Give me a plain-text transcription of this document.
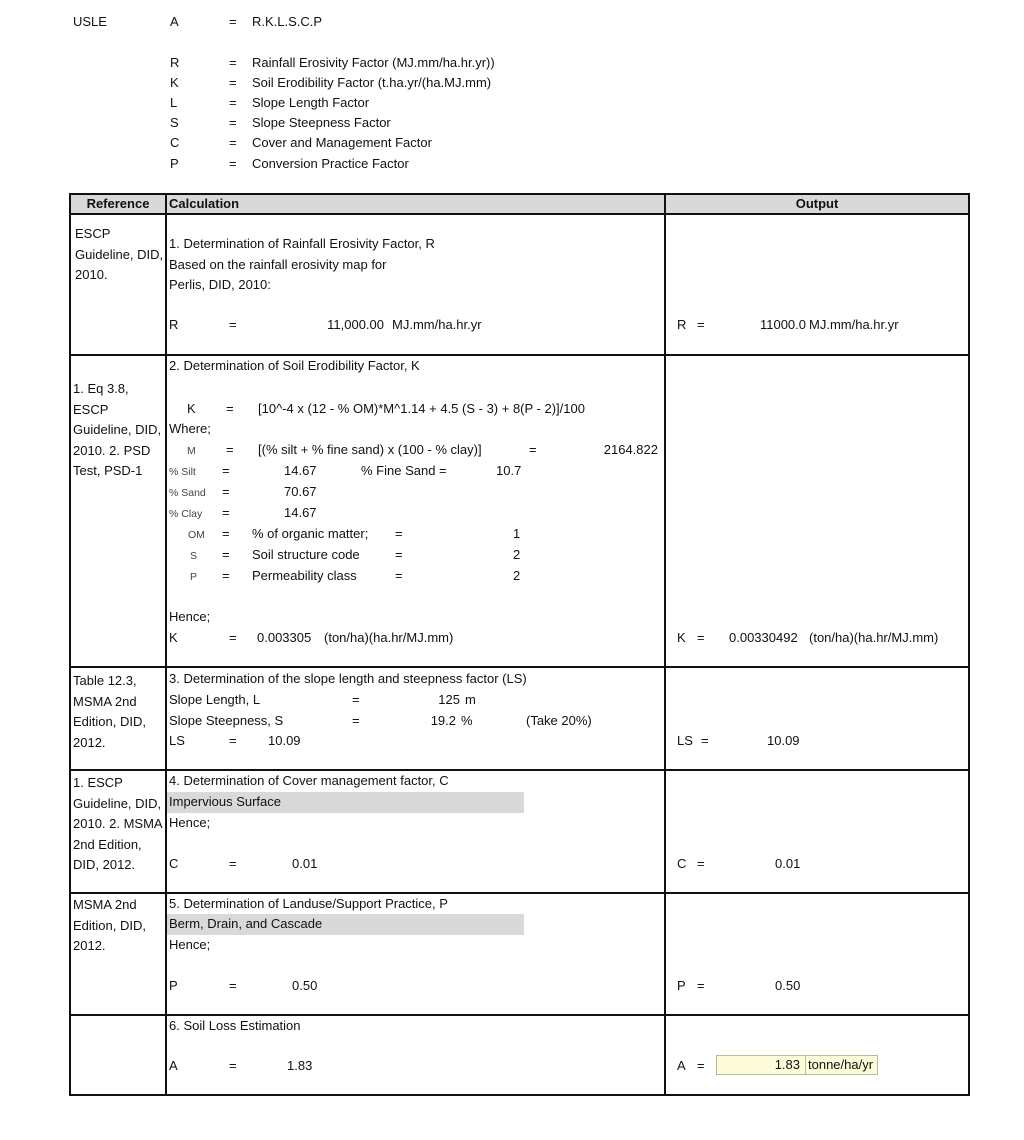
USLE	A	= R.K.L.S.C.P
R	= Rainfall Erosivity Factor (MJ.mm/ha.hr.yr))
K	= Soil Erodibility Factor (t.ha.yr/(ha.MJ.mm)
L	= Slope Length Factor
S	= Slope Steepness Factor
C	= Cover and Management Factor
P	= Conversion Practice Factor
Reference	Calculation	Output
ESCP Guideline, DID, 2010.
1. Determination of Rainfall Erosivity Factor, R
Based on the rainfall erosivity map for
Perlis, DID, 2010:
R	=	11,000.00 MJ.mm/ha.hr.yr	R =	11000.0 MJ.mm/ha.hr.yr
1. Eq 3.8, ESCP Guideline, DID, 2010. 2. PSD Test, PSD-1
2. Determination of Soil Erodibility Factor, K
K = [10^-4 x (12 - % OM)*M^1.14 + 4.5 (S - 3) + 8(P - 2)]/100
Where;
M = [(% silt + % fine sand) x (100 - % clay)]	=	2164.822
% Silt =	14.67	% Fine Sand =	10.7
% Sand =	70.67
% Clay =	14.67
OM = % of organic matter; =	1
S = Soil structure code	=	2
P = Permeability class	=	2
Hence;
K	= 0.003305 (ton/ha)(ha.hr/MJ.mm)	K = 0.00330492 (ton/ha)(ha.hr/MJ.mm)
Table 12.3, MSMA 2nd Edition, DID, 2012.
3. Determination of the slope length and steepness factor (LS)
Slope Length, L	=	125 m
Slope Steepness, S	=	19.2 %	(Take 20%)
LS	= 10.09	LS =	10.09
1. ESCP Guideline, DID, 2010. 2. MSMA 2nd Edition, DID, 2012.
4. Determination of Cover management factor, C
Impervious Surface
Hence;
C	=	0.01	C =	0.01
MSMA 2nd Edition, DID, 2012.
5. Determination of Landuse/Support Practice, P
Berm, Drain, and Cascade
Hence;
P	=	0.50	P =	0.50
6. Soil Loss Estimation
A	=	1.83	A =	1.83 tonne/ha/yr
